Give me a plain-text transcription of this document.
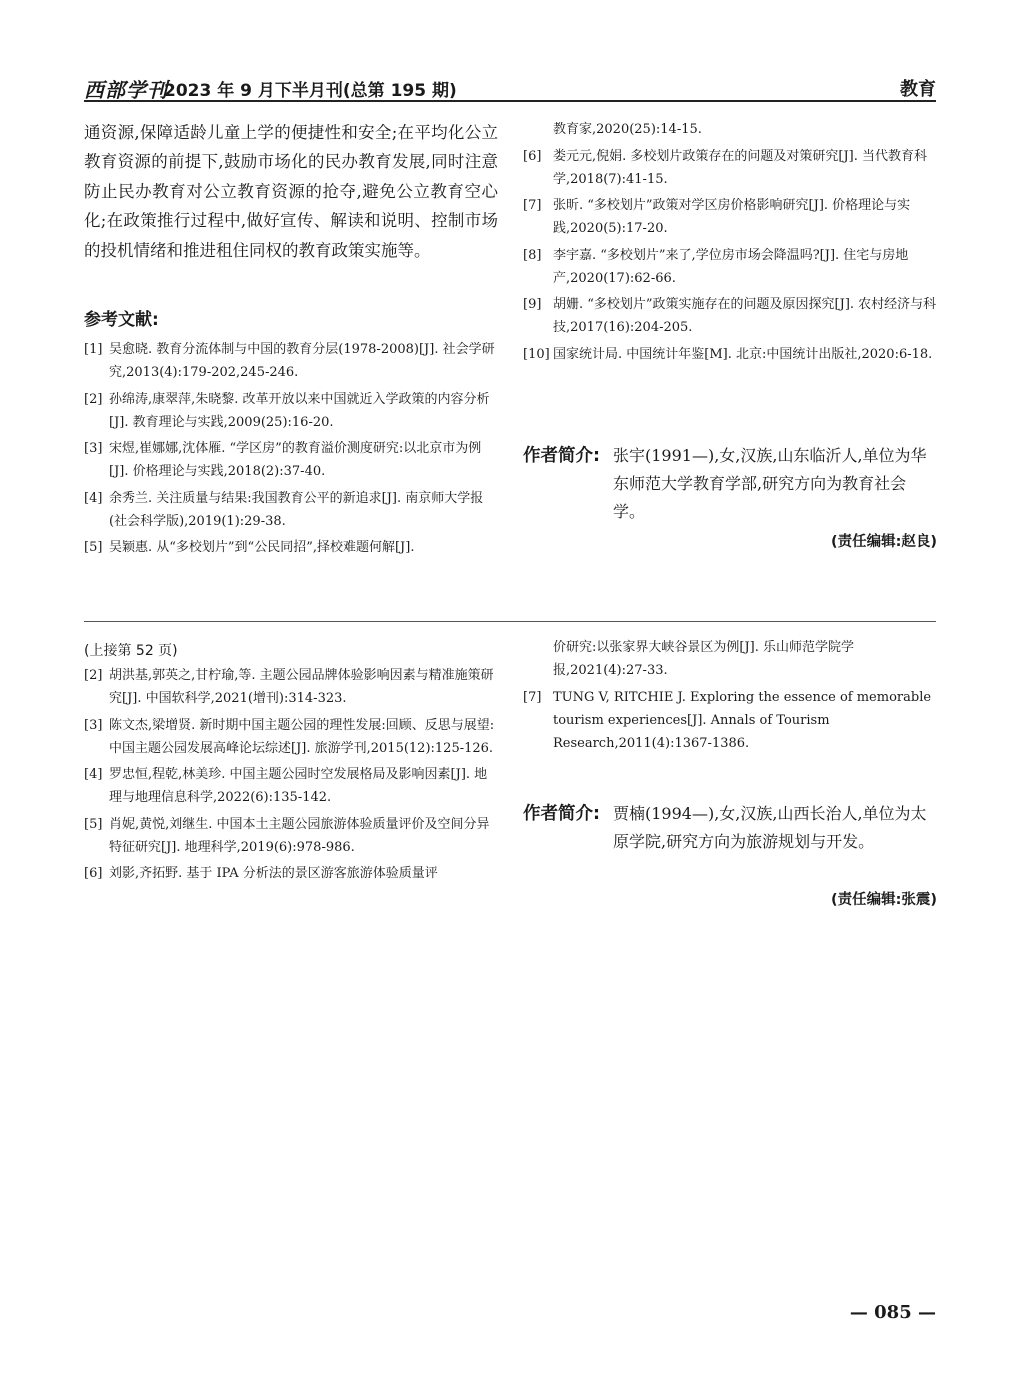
西部学刊
2023 年 9 月下半月刊(总第 195 期)	教育

通资源,保障适龄儿童上学的便捷性和安全;在平均化公立教育资源的前提下,鼓励市场化的民办教育发展,同时注意防止民办教育对公立教育资源的抢夺,避免公立教育空心化;在政策推行过程中,做好宣传、解读和说明、控制市场的投机情绪和推进租住同权的教育政策实施等。

参考文献:

[1] 吴愈晓. 教育分流体制与中国的教育分层(1978-2008)[J]. 社会学研究,2013(4):179-202,245-246.
[2] 孙绵涛,康翠萍,朱晓黎. 改革开放以来中国就近入学政策的内容分析[J]. 教育理论与实践,2009(25):16-20.
[3] 宋煜,崔娜娜,沈体雁. “学区房”的教育溢价测度研究:以北京市为例[J]. 价格理论与实践,2018(2):37-40.
[4] 余秀兰. 关注质量与结果:我国教育公平的新追求[J]. 南京师大学报(社会科学版),2019(1):29-38.
[5] 吴颖惠. 从“多校划片”到“公民同招”,择校难题何解[J].
教育家,2020(25):14-15.
[6] 娄元元,倪娟. 多校划片政策存在的问题及对策研究[J]. 当代教育科学,2018(7):41-15.
[7] 张昕. “多校划片”政策对学区房价格影响研究[J]. 价格理论与实践,2020(5):17-20.
[8] 李宇嘉. “多校划片”来了,学位房市场会降温吗?[J]. 住宅与房地产,2020(17):62-66.
[9] 胡姗. “多校划片”政策实施存在的问题及原因探究[J]. 农村经济与科技,2017(16):204-205.
[10] 国家统计局. 中国统计年鉴[M]. 北京:中国统计出版社,2020:6-18.
作者简介: 张宇(1991—),女,汉族,山东临沂人,单位为华东师范大学教育学部,研究方向为教育社会学。

(责任编辑:赵良)

(上接第 52 页)

[2] 胡洪基,郭英之,甘柠瑜,等. 主题公园品牌体验影响因素与精准施策研究[J]. 中国软科学,2021(增刊):314-323.
[3] 陈文杰,梁增贤. 新时期中国主题公园的理性发展:回顾、反思与展望:中国主题公园发展高峰论坛综述[J]. 旅游学刊,2015(12):125-126.
[4] 罗忠恒,程乾,林美珍. 中国主题公园时空发展格局及影响因素[J]. 地理与地理信息科学,2022(6):135-142.
[5] 肖妮,黄悦,刘继生. 中国本土主题公园旅游体验质量评价及空间分异特征研究[J]. 地理科学,2019(6):978-986.
[6] 刘影,齐拓野. 基于 IPA 分析法的景区游客旅游体验质量评
价研究:以张家界大峡谷景区为例[J]. 乐山师范学院学报,2021(4):27-33.
[7] TUNG V, RITCHIE J. Exploring the essence of memorable tourism experiences[J]. Annals of Tourism Research,2011(4):1367-1386.
作者简介: 贾楠(1994—),女,汉族,山西长治人,单位为太原学院,研究方向为旅游规划与开发。

(责任编辑:张震)
— 085 —
